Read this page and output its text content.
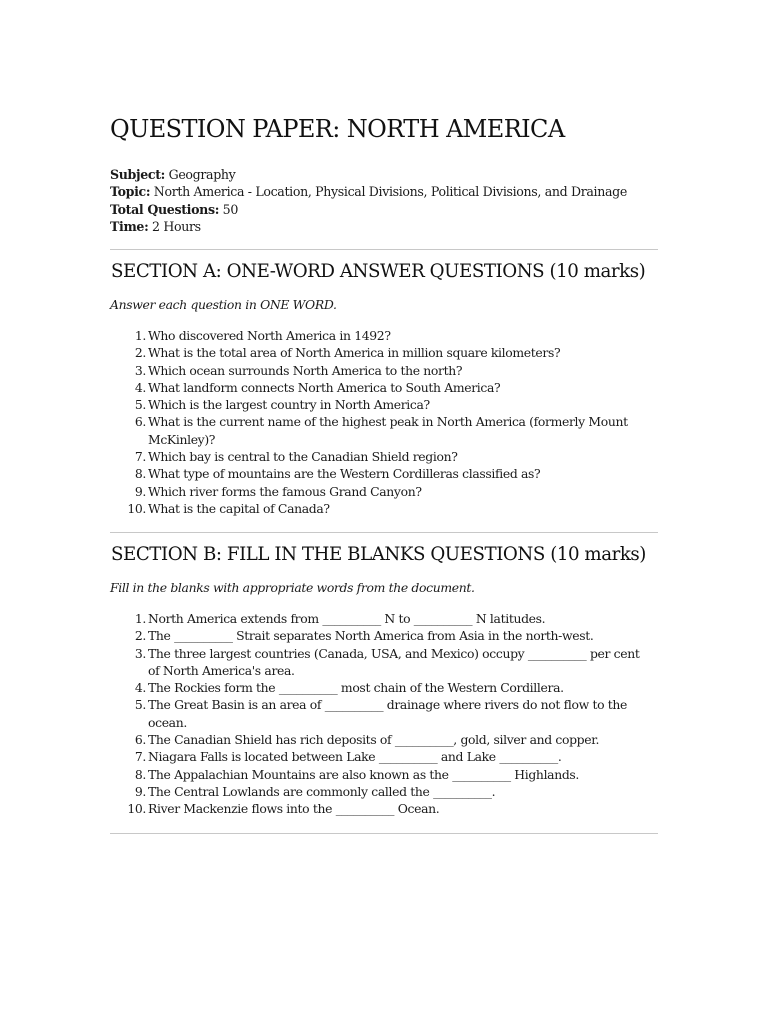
QUESTION PAPER: NORTH AMERICA
Subject: Geography
Topic: North America - Location, Physical Divisions, Political Divisions, and Drainage
Total Questions: 50
Time: 2 Hours
SECTION A: ONE-WORD ANSWER QUESTIONS (10 marks)

Answer each question in ONE WORD.

1. Who discovered North America in 1492?
2. What is the total area of North America in million square kilometers?
3. Which ocean surrounds North America to the north?
4. What landform connects North America to South America?
5. Which is the largest country in North America?
6. What is the current name of the highest peak in North America (formerly Mount McKinley)?
7. Which bay is central to the Canadian Shield region?
8. What type of mountains are the Western Cordilleras classified as?
9. Which river forms the famous Grand Canyon?
10. What is the capital of Canada?
SECTION B: FILL IN THE BLANKS QUESTIONS (10 marks)

Fill in the blanks with appropriate words from the document.

1. North America extends from __________ N to __________ N latitudes.
2. The __________ Strait separates North America from Asia in the north-west.
3. The three largest countries (Canada, USA, and Mexico) occupy __________ per cent of North America's area.
4. The Rockies form the __________ most chain of the Western Cordillera.
5. The Great Basin is an area of __________ drainage where rivers do not flow to the ocean.
6. The Canadian Shield has rich deposits of __________, gold, silver and copper.
7. Niagara Falls is located between Lake __________ and Lake __________.
8. The Appalachian Mountains are also known as the __________ Highlands.
9. The Central Lowlands are commonly called the __________.
10. River Mackenzie flows into the __________ Ocean.
